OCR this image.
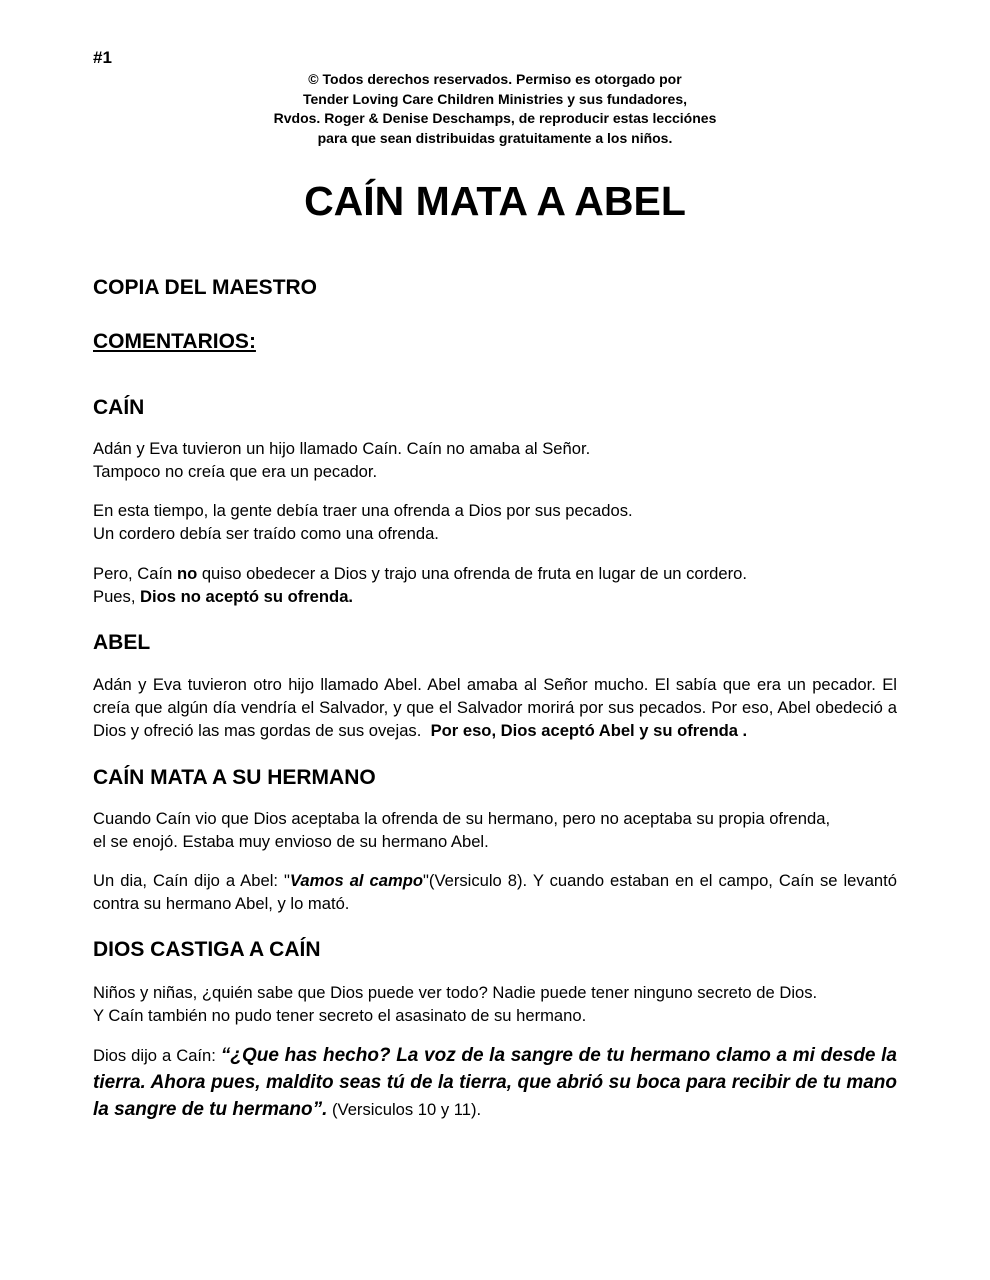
#1
© Todos derechos reservados. Permiso es otorgado por
Tender Loving Care Children Ministries y sus fundadores,
Rvdos. Roger & Denise Deschamps, de reproducir estas lecciónes
para que sean distribuidas gratuitamente a los niños.
CAÍN MATA A ABEL
COPIA DEL MAESTRO
COMENTARIOS:
CAÍN
Adán y Eva tuvieron un hijo llamado Caín. Caín no amaba al Señor.
Tampoco no creía que era un pecador.
En esta tiempo, la gente debía traer una ofrenda a Dios por sus pecados.
Un cordero debía ser traído como una ofrenda.
Pero, Caín no quiso obedecer a Dios y trajo una ofrenda de fruta en lugar de un cordero.
Pues, Dios no aceptó su ofrenda.
ABEL
Adán y Eva tuvieron otro hijo llamado Abel. Abel amaba al Señor mucho. El sabía que era un pecador. El creía que algún día vendría el Salvador, y que el Salvador morirá por sus pecados. Por eso, Abel obedeció a Dios y ofreció las mas gordas de sus ovejas. Por eso, Dios aceptó Abel y su ofrenda .
CAÍN MATA A SU HERMANO
Cuando Caín vio que Dios aceptaba la ofrenda de su hermano, pero no aceptaba su propia ofrenda,
el se enojó. Estaba muy envioso de su hermano Abel.
Un dia, Caín dijo a Abel: "Vamos al campo"(Versiculo 8). Y cuando estaban en el campo, Caín se levantó contra su hermano Abel, y lo mató.
DIOS CASTIGA A CAÍN
Niños y niñas, ¿quién sabe que Dios puede ver todo? Nadie puede tener ninguno secreto de Dios.
Y Caín también no pudo tener secreto el asasinato de su hermano.
Dios dijo a Caín: “¿Que has hecho? La voz de la sangre de tu hermano clamo a mi desde la tierra. Ahora pues, maldito seas tú de la tierra, que abrió su boca para recibir de tu mano la sangre de tu hermano”. (Versiculos 10 y 11).
